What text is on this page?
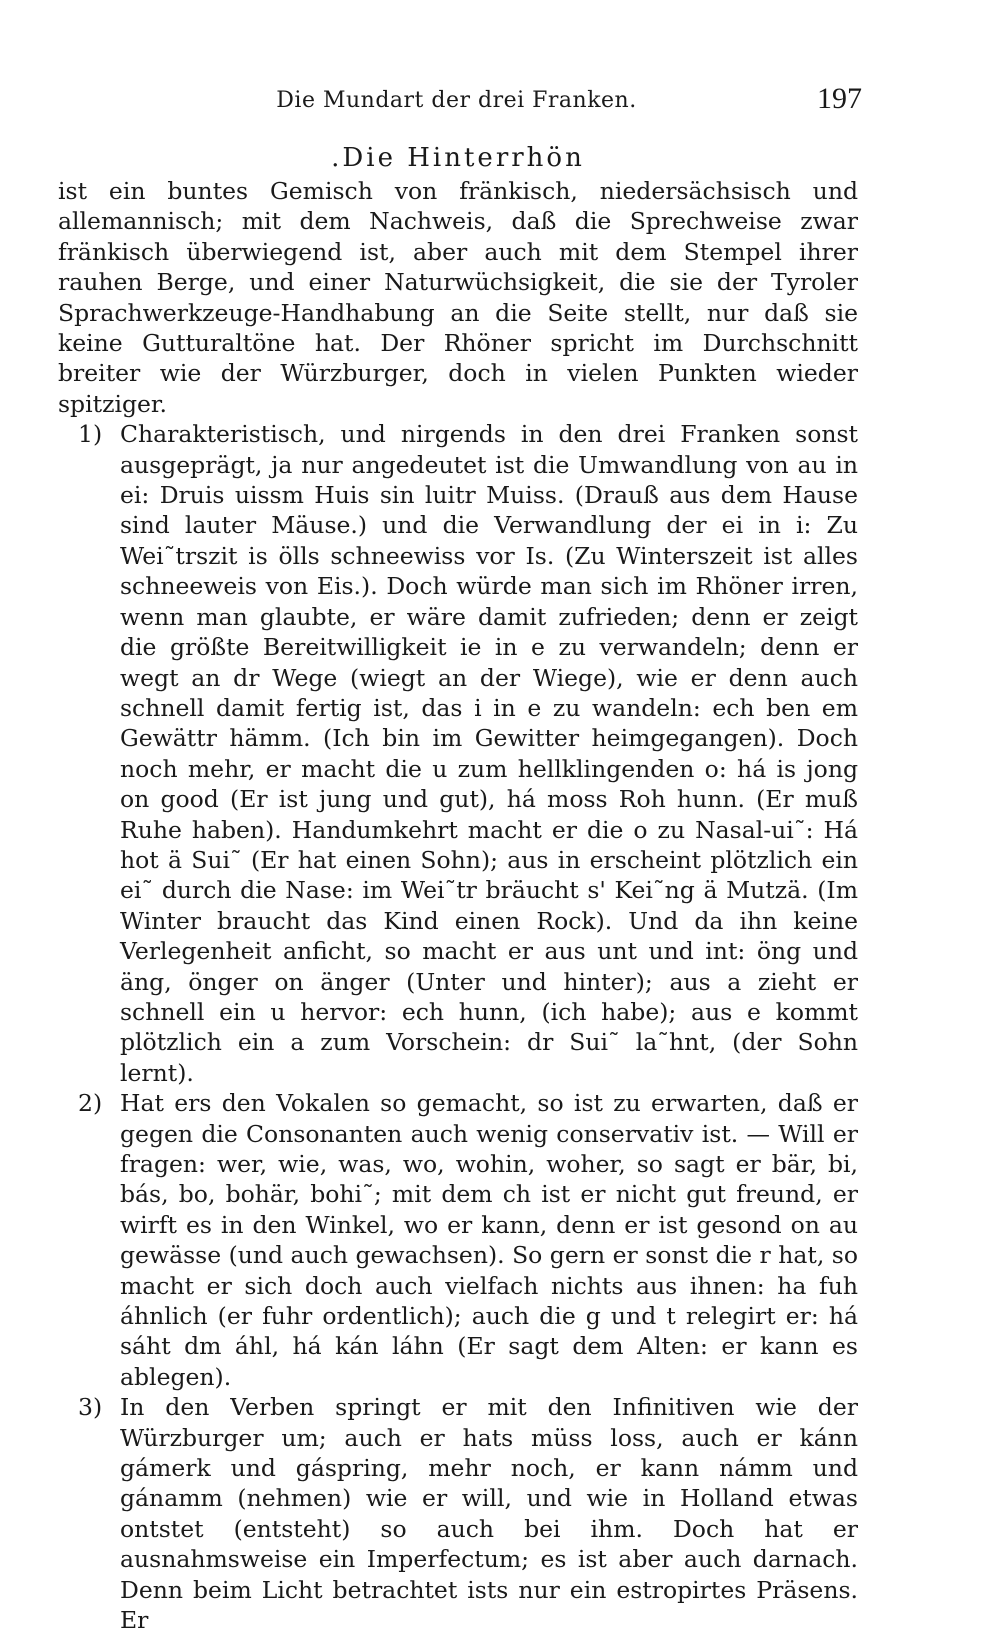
Die Mundart der drei Franken.	197
.Die Hinterrhön

ist ein buntes Gemisch von fränkisch, niedersächsisch und allemannisch; mit dem Nachweis, daß die Sprechweise zwar fränkisch überwiegend ist, aber auch mit dem Stempel ihrer rauhen Berge, und einer Naturwüchsigkeit, die sie der Tyroler Sprachwerkzeuge-Handhabung an die Seite stellt, nur daß sie keine Gutturaltöne hat. Der Rhöner spricht im Durchschnitt breiter wie der Würzburger, doch in vielen Punkten wieder spitziger.

1) Charakteristisch, und nirgends in den drei Franken sonst ausgeprägt, ja nur angedeutet ist die Umwandlung von au in ei: Druis uissm Huis sin luitr Muiss. (Drauß aus dem Hause sind lauter Mäuse.) und die Verwandlung der ei in i: Zu Wei˜trszit is ölls schneewiss vor Is. (Zu Winterszeit ist alles schneeweis von Eis.). Doch würde man sich im Rhöner irren, wenn man glaubte, er wäre damit zufrieden; denn er zeigt die größte Bereitwilligkeit ie in e zu verwandeln; denn er wegt an dr Wege (wiegt an der Wiege), wie er denn auch schnell damit fertig ist, das i in e zu wandeln: ech ben em Gewättr hämm. (Ich bin im Gewitter heimgegangen). Doch noch mehr, er macht die u zum hellklingenden o: há is jong on good (Er ist jung und gut), há moss Roh hunn. (Er muß Ruhe haben). Handumkehrt macht er die o zu Nasal-ui˜: Há hot ä Sui˜ (Er hat einen Sohn); aus in erscheint plötzlich ein ei˜ durch die Nase: im Wei˜tr bräucht s' Kei˜ng ä Mutzä. (Im Winter braucht das Kind einen Rock). Und da ihn keine Verlegenheit anficht, so macht er aus unt und int: öng und äng, önger on änger (Unter und hinter); aus a zieht er schnell ein u hervor: ech hunn, (ich habe); aus e kommt plötzlich ein a zum Vorschein: dr Sui˜ la˜hnt, (der Sohn lernt).
2) Hat ers den Vokalen so gemacht, so ist zu erwarten, daß er gegen die Consonanten auch wenig conservativ ist. — Will er fragen: wer, wie, was, wo, wohin, woher, so sagt er bär, bi, bás, bo, bohär, bohi˜; mit dem ch ist er nicht gut freund, er wirft es in den Winkel, wo er kann, denn er ist gesond on au gewässe (und auch gewachsen). So gern er sonst die r hat, so macht er sich doch auch vielfach nichts aus ihnen: ha fuh áhnlich (er fuhr ordentlich); auch die g und t relegirt er: há sáht dm áhl, há kán láhn (Er sagt dem Alten: er kann es ablegen).
3) In den Verben springt er mit den Infinitiven wie der Würzburger um; auch er hats müss loss, auch er kánn gámerk und gáspring, mehr noch, er kann námm und gánamm (nehmen) wie er will, und wie in Holland etwas ontstet (entsteht) so auch bei ihm. Doch hat er ausnahmsweise ein Imperfectum; es ist aber auch darnach. Denn beim Licht betrachtet ists nur ein estropirtes Präsens. Er
